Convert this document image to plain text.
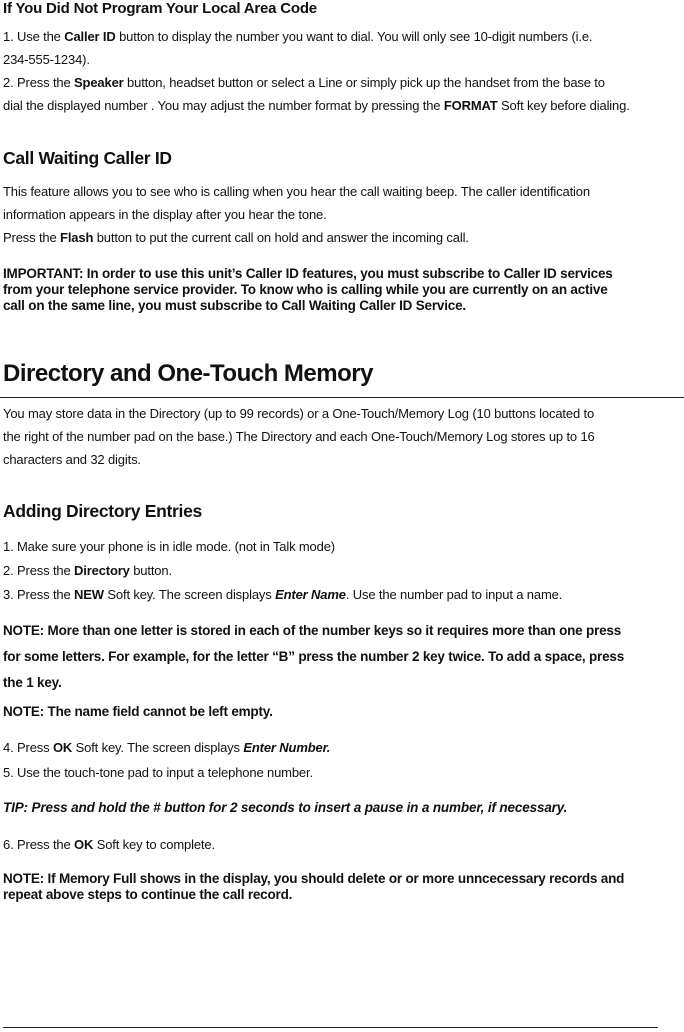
If You Did Not Program Your Local Area Code
1. Use the Caller ID button to display the number you want to dial. You will only see 10-digit numbers (i.e.
234-555-1234).
2. Press the Speaker button, headset button or select a Line or simply pick up the handset from the base to
dial the displayed number . You may adjust the number format by pressing the FORMAT Soft key before dialing.
Call Waiting Caller ID
This feature allows you to see who is calling when you hear the call waiting beep. The caller identification
information appears in the display after you hear the tone.
Press the Flash button to put the current call on hold and answer the incoming call.
IMPORTANT: In order to use this unit’s Caller ID features, you must subscribe to Caller ID services
from your telephone service provider. To know who is calling while you are currently on an active
call on the same line, you must subscribe to Call Waiting Caller ID Service.
Directory and One-Touch Memory
You may store data in the Directory (up to 99 records) or a One-Touch/Memory Log (10 buttons located to
the right of the number pad on the base.) The Directory and each One-Touch/Memory Log stores up to 16
characters and 32 digits.
Adding Directory Entries
1. Make sure your phone is in idle mode. (not in Talk mode)
2. Press the Directory button.
3. Press the NEW Soft key. The screen displays Enter Name. Use the number pad to input a name.
NOTE: More than one letter is stored in each of the number keys so it requires more than one press
for some letters. For example, for the letter “B” press the number 2 key twice. To add a space, press
the 1 key.
NOTE: The name field cannot be left empty.
4. Press OK Soft key. The screen displays Enter Number.
5. Use the touch-tone pad to input a telephone number.
TIP: Press and hold the # button for 2 seconds to insert a pause in a number, if necessary.
6. Press the OK Soft key to complete.
NOTE: If Memory Full shows in the display, you should delete or or more unncecessary records and
repeat above steps to continue the call record.
